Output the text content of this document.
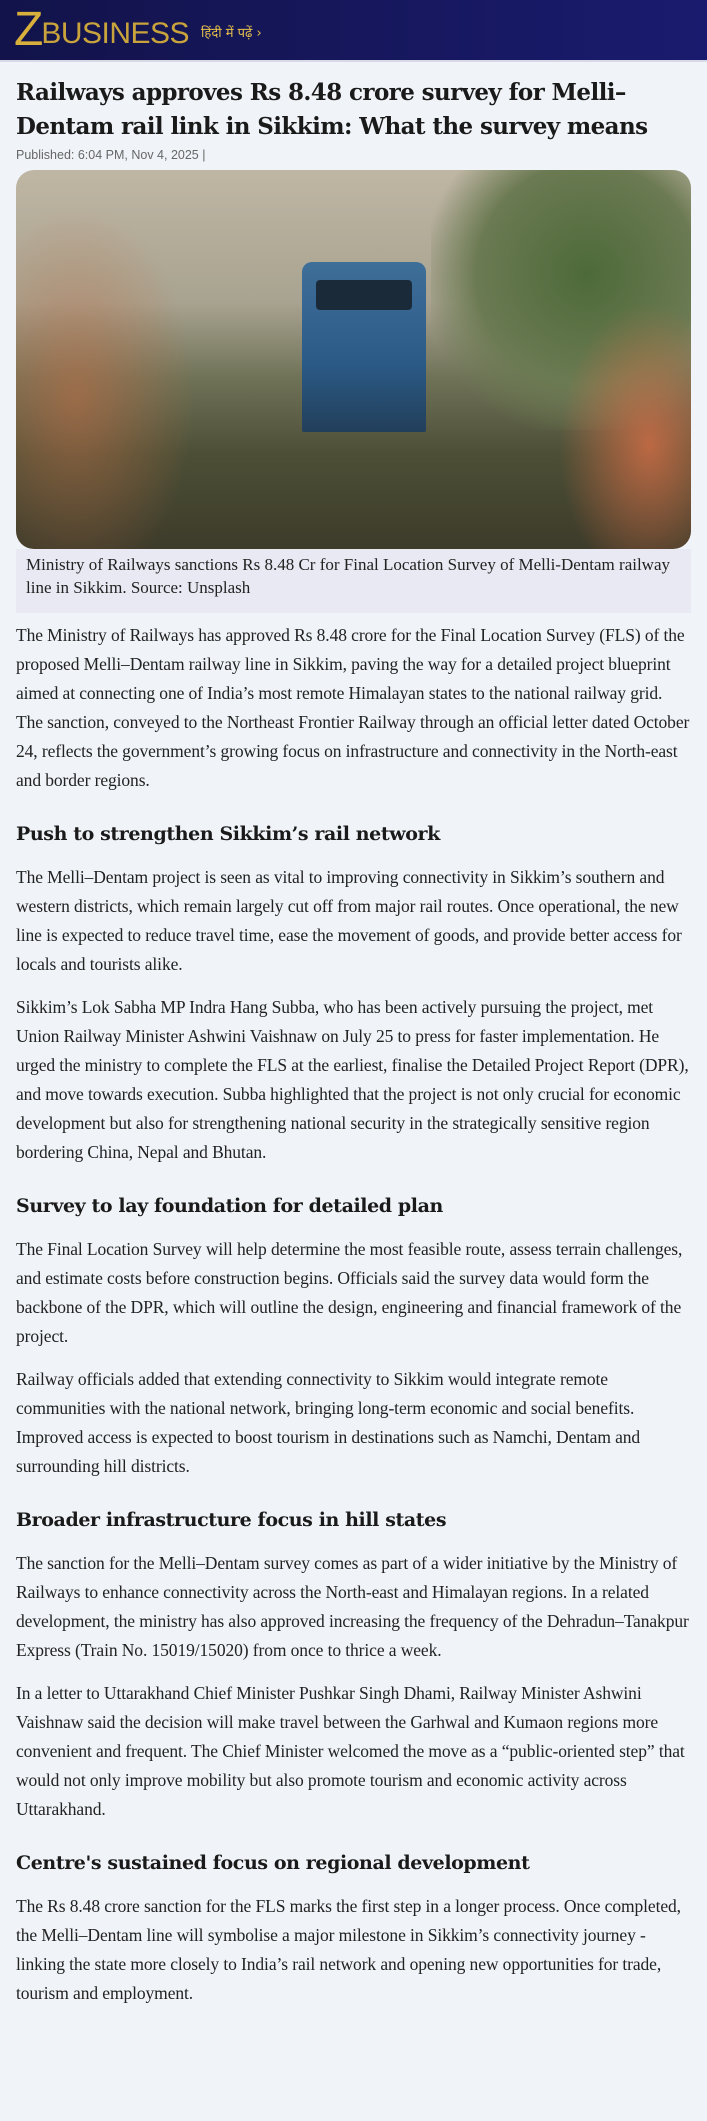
Z
BUSINESS हिंदी में पढ़ें ›
Railways approves Rs 8.48 crore survey for Melli–Dentam rail link in Sikkim: What the survey means
Published: 6:04 PM, Nov 4, 2025 |
Ministry of Railways sanctions Rs 8.48 Cr for Final Location Survey of Melli-Dentam railway line in Sikkim. Source: Unsplash

The Ministry of Railways has approved Rs 8.48 crore for the Final Location Survey (FLS) of the proposed Melli–Dentam railway line in Sikkim, paving the way for a detailed project blueprint aimed at connecting one of India’s most remote Himalayan states to the national railway grid. The sanction, conveyed to the Northeast Frontier Railway through an official letter dated October 24, reflects the government’s growing focus on infrastructure and connectivity in the North-east and border regions.

Push to strengthen Sikkim’s rail network

The Melli–Dentam project is seen as vital to improving connectivity in Sikkim’s southern and western districts, which remain largely cut off from major rail routes. Once operational, the new line is expected to reduce travel time, ease the movement of goods, and provide better access for locals and tourists alike.

Sikkim’s Lok Sabha MP Indra Hang Subba, who has been actively pursuing the project, met Union Railway Minister Ashwini Vaishnaw on July 25 to press for faster implementation. He urged the ministry to complete the FLS at the earliest, finalise the Detailed Project Report (DPR), and move towards execution. Subba highlighted that the project is not only crucial for economic development but also for strengthening national security in the strategically sensitive region bordering China, Nepal and Bhutan.

Survey to lay foundation for detailed plan

The Final Location Survey will help determine the most feasible route, assess terrain challenges, and estimate costs before construction begins. Officials said the survey data would form the backbone of the DPR, which will outline the design, engineering and financial framework of the project.

Railway officials added that extending connectivity to Sikkim would integrate remote communities with the national network, bringing long-term economic and social benefits. Improved access is expected to boost tourism in destinations such as Namchi, Dentam and surrounding hill districts.

Broader infrastructure focus in hill states

The sanction for the Melli–Dentam survey comes as part of a wider initiative by the Ministry of Railways to enhance connectivity across the North-east and Himalayan regions. In a related development, the ministry has also approved increasing the frequency of the Dehradun–Tanakpur Express (Train No. 15019/15020) from once to thrice a week.

In a letter to Uttarakhand Chief Minister Pushkar Singh Dhami, Railway Minister Ashwini Vaishnaw said the decision will make travel between the Garhwal and Kumaon regions more convenient and frequent. The Chief Minister welcomed the move as a “public-oriented step” that would not only improve mobility but also promote tourism and economic activity across Uttarakhand.

Centre's sustained focus on regional development

The Rs 8.48 crore sanction for the FLS marks the first step in a longer process. Once completed, the Melli–Dentam line will symbolise a major milestone in Sikkim’s connectivity journey - linking the state more closely to India’s rail network and opening new opportunities for trade, tourism and employment.
